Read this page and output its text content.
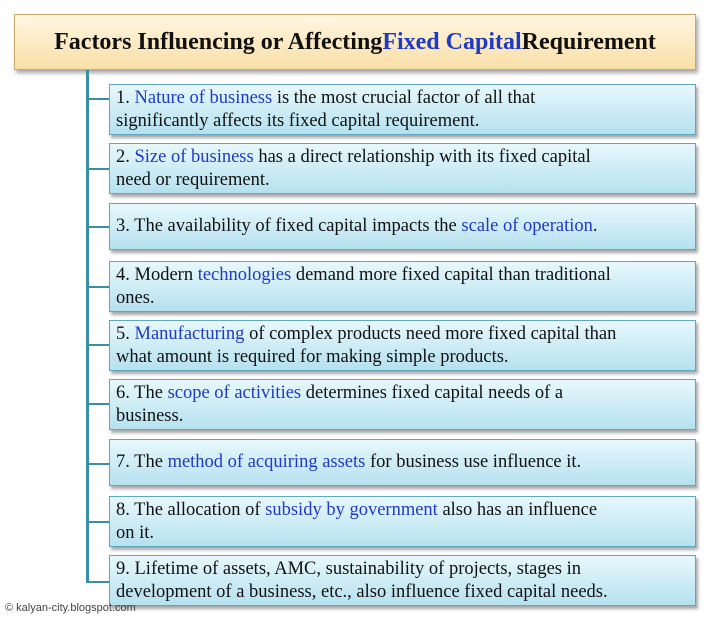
Factors Influencing or Affecting Fixed Capital Requirement
1. Nature of business is the most crucial factor of all that
significantly affects its fixed capital requirement.
2. Size of business has a direct relationship with its fixed capital
need or requirement.
3. The availability of fixed capital impacts the scale of operation.
4. Modern technologies demand more fixed capital than traditional
ones.
5. Manufacturing of complex products need more fixed capital than
what amount is required for making simple products.
6. The scope of activities determines fixed capital needs of a
business.
7. The method of acquiring assets for business use influence it.
8. The allocation of subsidy by government also has an influence
on it.
9. Lifetime of assets, AMC, sustainability of projects, stages in
development of a business, etc., also influence fixed capital needs.
© kalyan-city.blogspot.com
